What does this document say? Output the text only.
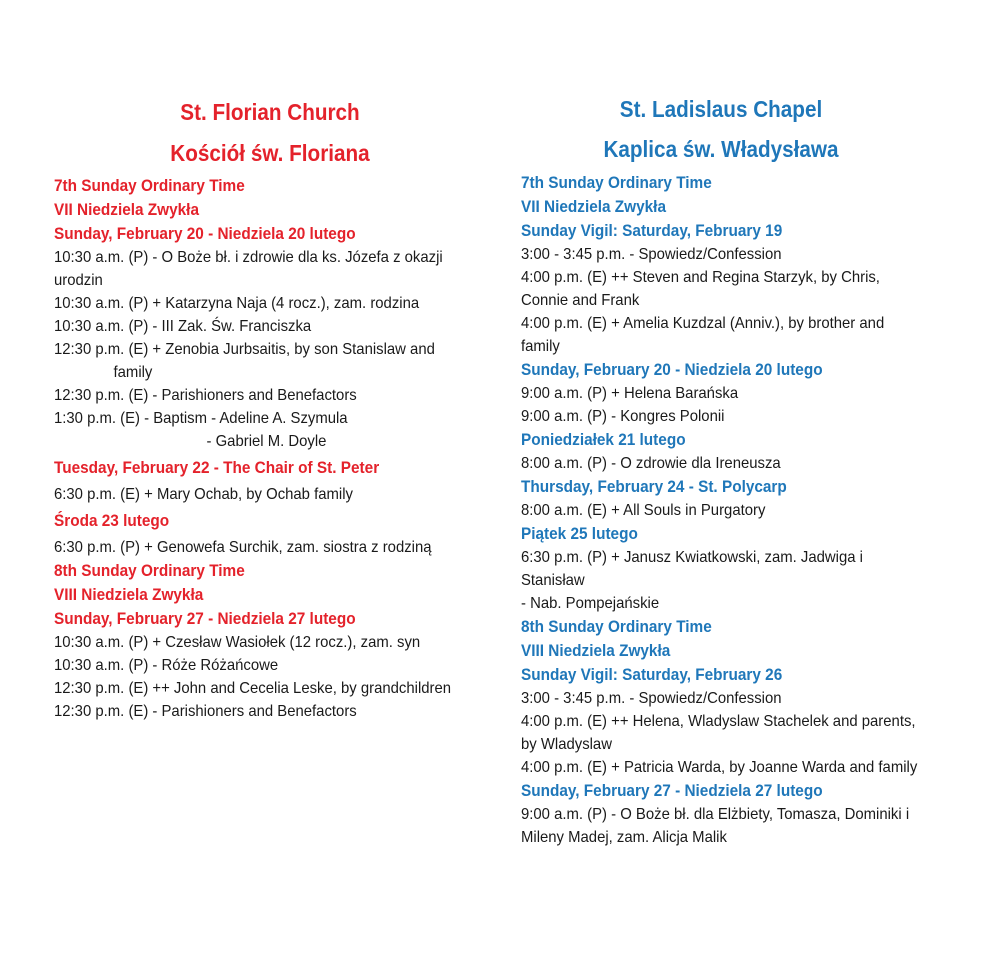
St. Florian Church
Kościół św. Floriana
7th Sunday Ordinary Time
VII Niedziela Zwykła
Sunday, February 20 - Niedziela 20 lutego
10:30 a.m. (P) - O Boże bł. i zdrowie dla ks. Józefa z okazji urodzin
10:30 a.m. (P) + Katarzyna Naja (4 rocz.), zam. rodzina
10:30 a.m. (P) - III Zak. Św. Franciszka
12:30 p.m. (E) + Zenobia Jurbsaitis, by son Stanislaw and
family
12:30 p.m. (E) - Parishioners and Benefactors
1:30 p.m. (E) - Baptism - Adeline A. Szymula
- Gabriel M. Doyle
Tuesday, February 22 - The Chair of St. Peter
6:30 p.m. (E) + Mary Ochab, by Ochab family
Środa 23 lutego
6:30 p.m. (P) + Genowefa Surchik, zam. siostra z rodziną
8th Sunday Ordinary Time
VIII Niedziela Zwykła
Sunday, February 27 - Niedziela 27 lutego
10:30 a.m. (P) + Czesław Wasiołek (12 rocz.), zam. syn
10:30 a.m. (P) - Róże Różańcowe
12:30 p.m. (E) ++ John and Cecelia Leske, by grandchildren
12:30 p.m. (E) - Parishioners and Benefactors
St. Ladislaus Chapel
Kaplica św. Władysława
7th Sunday Ordinary Time
VII Niedziela Zwykła
Sunday Vigil: Saturday, February 19
3:00 - 3:45 p.m. - Spowiedz/Confession
4:00 p.m. (E) ++ Steven and Regina Starzyk, by Chris, Connie and Frank
4:00 p.m. (E) + Amelia Kuzdzal (Anniv.), by brother and family
Sunday, February 20 - Niedziela 20 lutego
9:00 a.m. (P) + Helena Barańska
9:00 a.m. (P) - Kongres Polonii
Poniedziałek 21 lutego
8:00 a.m. (P) - O zdrowie dla Ireneusza
Thursday, February 24 - St. Polycarp
8:00 a.m. (E) + All Souls in Purgatory
Piątek 25 lutego
6:30 p.m. (P) + Janusz Kwiatkowski, zam. Jadwiga i Stanisław
- Nab. Pompejańskie
8th Sunday Ordinary Time
VIII Niedziela Zwykła
Sunday Vigil: Saturday, February 26
3:00 - 3:45 p.m. - Spowiedz/Confession
4:00 p.m. (E) ++ Helena, Wladyslaw Stachelek and parents, by Wladyslaw
4:00 p.m. (E) + Patricia Warda, by Joanne Warda and family
Sunday, February 27 - Niedziela 27 lutego
9:00 a.m. (P) - O Boże bł. dla Elżbiety, Tomasza, Dominiki i Mileny Madej, zam. Alicja Malik
